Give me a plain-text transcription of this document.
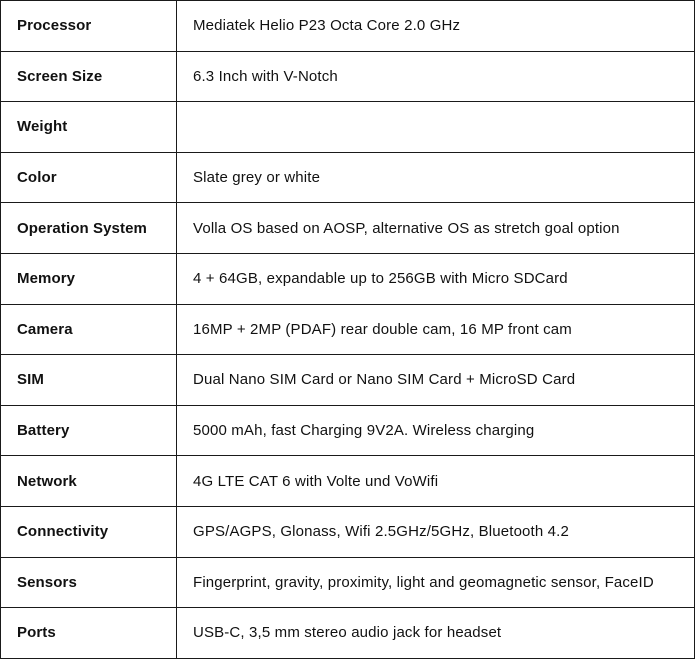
Processor	Mediatek Helio P23 Octa Core 2.0 GHz
Screen Size	6.3 Inch with V-Notch
Weight	
Color	Slate grey or white
Operation System	Volla OS based on AOSP, alternative OS as stretch goal option
Memory	4 + 64GB, expandable up to 256GB with Micro SDCard
Camera	16MP + 2MP (PDAF) rear double cam, 16 MP front cam
SIM	Dual Nano SIM Card or Nano SIM Card + MicroSD Card
Battery	5000 mAh, fast Charging 9V2A. Wireless charging
Network	4G LTE CAT 6 with Volte und VoWifi
Connectivity	GPS/AGPS, Glonass, Wifi 2.5GHz/5GHz, Bluetooth 4.2
Sensors	Fingerprint, gravity, proximity, light and geomagnetic sensor, FaceID
Ports	USB-C, 3,5 mm stereo audio jack for headset
